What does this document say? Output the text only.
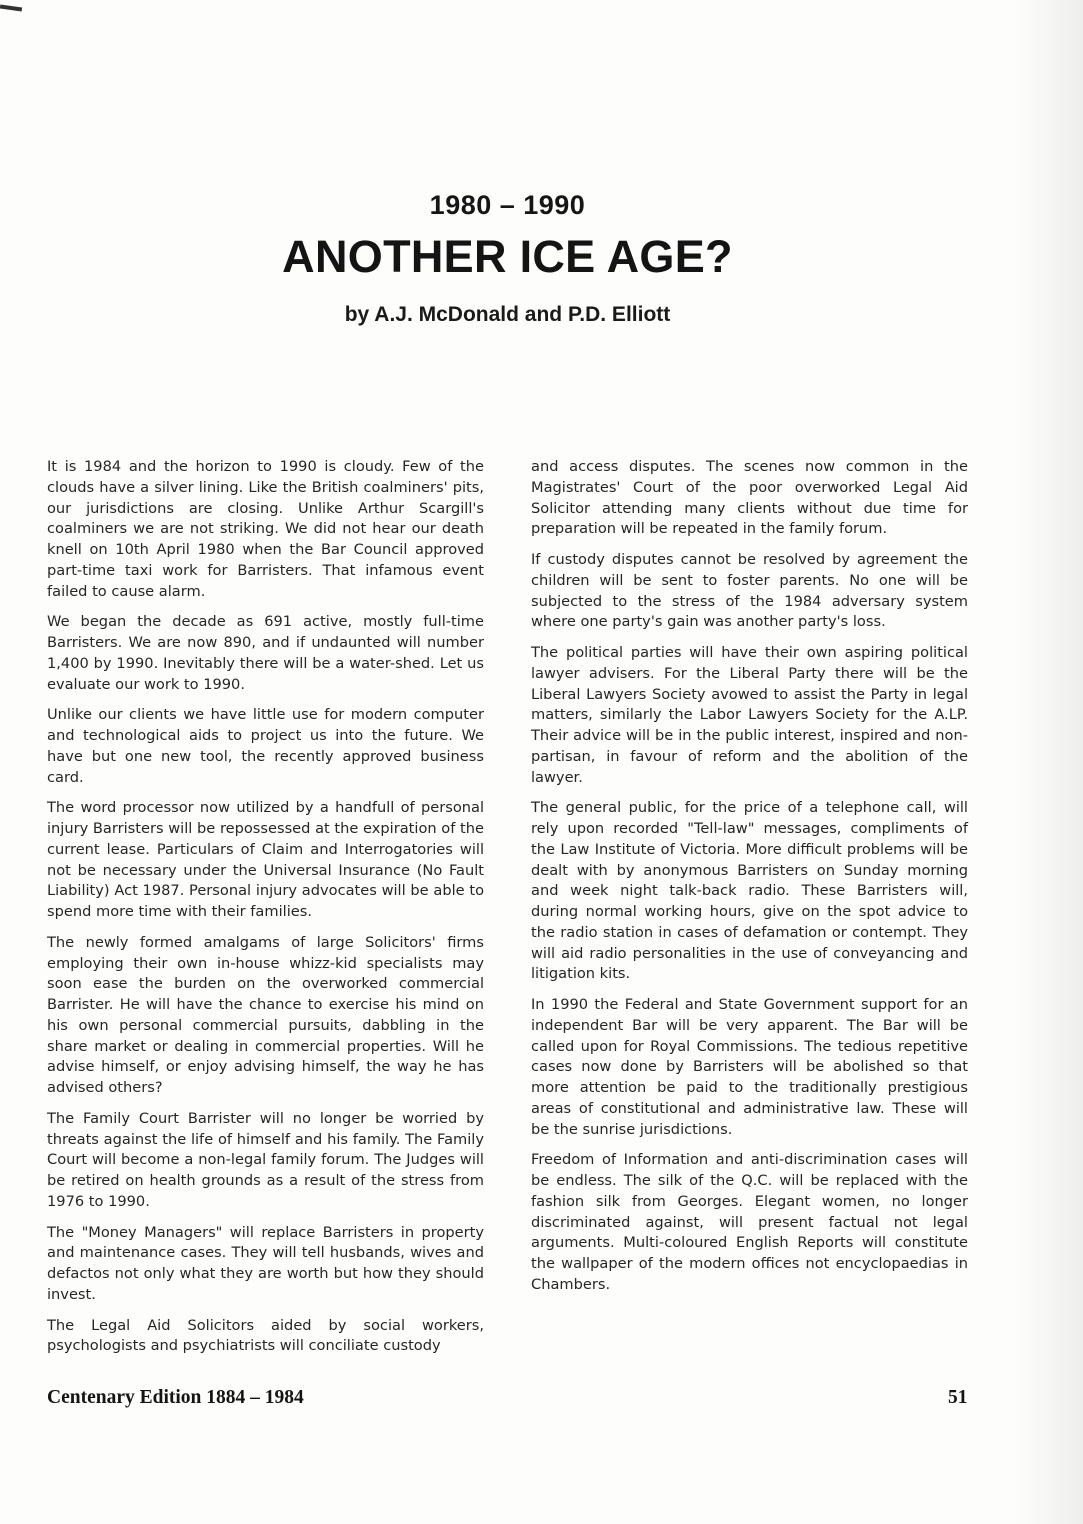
1980 – 1990
ANOTHER ICE AGE?
by A.J. McDonald and P.D. Elliott

It is 1984 and the horizon to 1990 is cloudy. Few of the clouds have a silver lining. Like the British coalminers' pits, our jurisdictions are closing. Unlike Arthur Scargill's coalminers we are not striking. We did not hear our death knell on 10th April 1980 when the Bar Council approved part-time taxi work for Barristers. That infamous event failed to cause alarm.

We began the decade as 691 active, mostly full-time Barristers. We are now 890, and if undaunted will number 1,400 by 1990. Inevitably there will be a water-shed. Let us evaluate our work to 1990.

Unlike our clients we have little use for modern computer and technological aids to project us into the future. We have but one new tool, the recently approved business card.

The word processor now utilized by a handfull of personal injury Barristers will be repossessed at the expiration of the current lease. Particulars of Claim and Interrogatories will not be necessary under the Universal Insurance (No Fault Liability) Act 1987. Personal injury advocates will be able to spend more time with their families.

The newly formed amalgams of large Solicitors' firms employing their own in-house whizz-kid specialists may soon ease the burden on the overworked commercial Barrister. He will have the chance to exercise his mind on his own personal commercial pursuits, dabbling in the share market or dealing in commercial properties. Will he advise himself, or enjoy advising himself, the way he has advised others?

The Family Court Barrister will no longer be worried by threats against the life of himself and his family. The Family Court will become a non-legal family forum. The Judges will be retired on health grounds as a result of the stress from 1976 to 1990.

The "Money Managers" will replace Barristers in property and maintenance cases. They will tell husbands, wives and defactos not only what they are worth but how they should invest.

The Legal Aid Solicitors aided by social workers, psychologists and psychiatrists will conciliate custody

and access disputes. The scenes now common in the Magistrates' Court of the poor overworked Legal Aid Solicitor attending many clients without due time for preparation will be repeated in the family forum.

If custody disputes cannot be resolved by agreement the children will be sent to foster parents. No one will be subjected to the stress of the 1984 adversary system where one party's gain was another party's loss.

The political parties will have their own aspiring political lawyer advisers. For the Liberal Party there will be the Liberal Lawyers Society avowed to assist the Party in legal matters, similarly the Labor Lawyers Society for the A.LP. Their advice will be in the public interest, inspired and non-partisan, in favour of reform and the abolition of the lawyer.

The general public, for the price of a telephone call, will rely upon recorded "Tell-law" messages, compliments of the Law Institute of Victoria. More difficult problems will be dealt with by anonymous Barristers on Sunday morning and week night talk-back radio. These Barristers will, during normal working hours, give on the spot advice to the radio station in cases of defamation or contempt. They will aid radio personalities in the use of conveyancing and litigation kits.

In 1990 the Federal and State Government support for an independent Bar will be very apparent. The Bar will be called upon for Royal Commissions. The tedious repetitive cases now done by Barristers will be abolished so that more attention be paid to the traditionally prestigious areas of constitutional and administrative law. These will be the sunrise jurisdictions.

Freedom of Information and anti-discrimination cases will be endless. The silk of the Q.C. will be replaced with the fashion silk from Georges. Elegant women, no longer discriminated against, will present factual not legal arguments. Multi-coloured English Reports will constitute the wallpaper of the modern offices not encyclopaedias in Chambers.

Centenary Edition 1884 – 1984	51
